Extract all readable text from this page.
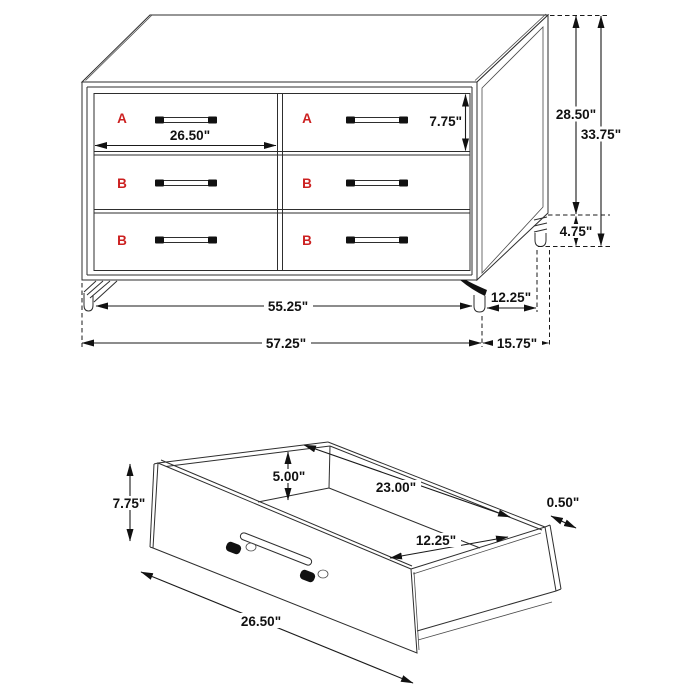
A	A
B	B
B	B
26.50"
7.75"	28.50"
33.75"
4.75"
55.25"
57.25"
12.25"
15.75"
7.75"
5.00"
23.00"
12.25"
0.50"
26.50"
